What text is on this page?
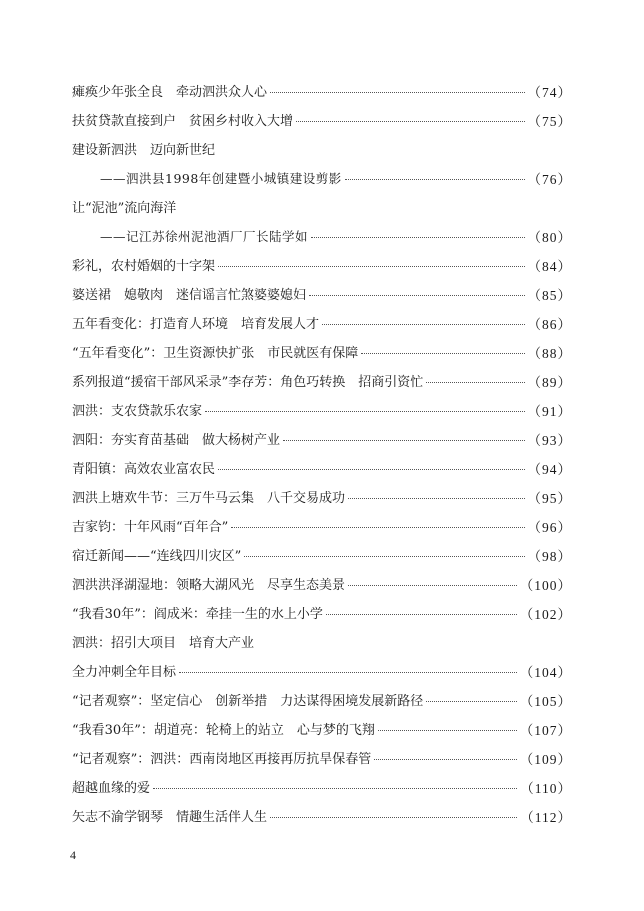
瘫痪少年张全良　牵动泗洪众人心	（74）
扶贫贷款直接到户　贫困乡村收入大增	（75）
建设新泗洪　迈向新世纪
——泗洪县1998年创建暨小城镇建设剪影	（76）
让“泥池”流向海洋
——记江苏徐州泥池酒厂厂长陆学如	（80）
彩礼，农村婚姻的十字架	（84）
婆送裙　媳敬肉　迷信谣言忙煞婆婆媳妇	（85）
五年看变化：打造育人环境　培育发展人才	（86）
“五年看变化”：卫生资源快扩张　市民就医有保障	（88）
系列报道“援宿干部风采录”李存芳：角色巧转换　招商引资忙	（89）
泗洪：支农贷款乐农家	（91）
泗阳：夯实育苗基础　做大杨树产业	（93）
青阳镇：高效农业富农民	（94）
泗洪上塘欢牛节：三万牛马云集　八千交易成功	（95）
吉家钧：十年风雨“百年合”	（96）
宿迁新闻——“连线四川灾区”	（98）
泗洪洪泽湖湿地：领略大湖风光　尽享生态美景	（100）
“我看30年”：阎成米：牵挂一生的水上小学	（102）
泗洪：招引大项目　培育大产业
全力冲刺全年目标	（104）
“记者观察”：坚定信心　创新举措　力达谋得困境发展新路径	（105）
“我看30年”：胡道亮：轮椅上的站立　心与梦的飞翔	（107）
“记者观察”：泗洪：西南岗地区再接再厉抗旱保春管	（109）
超越血缘的爱	（110）
矢志不渝学钢琴　情趣生活伴人生	（112）
4
